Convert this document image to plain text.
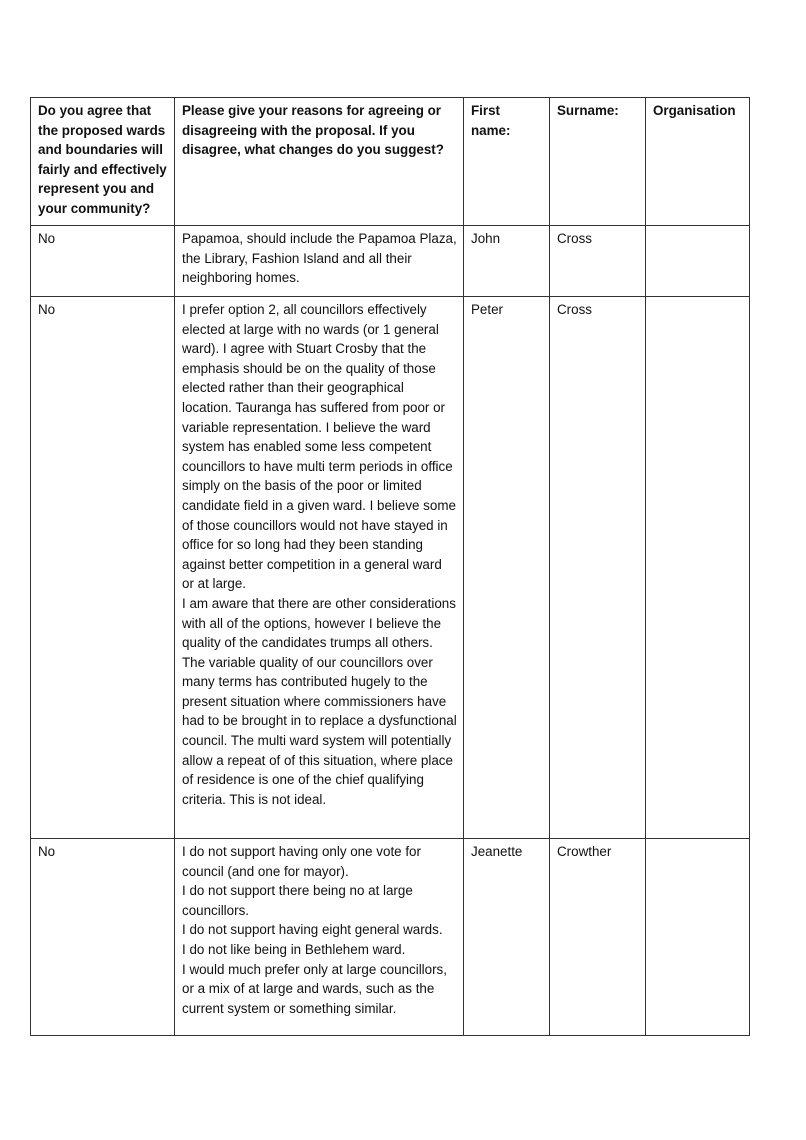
Do you agree that the proposed wards and boundaries will fairly and effectively represent you and your community?	Please give your reasons for agreeing or disagreeing with the proposal. If you disagree, what changes do you suggest?	First name:	Surname:	Organisation
No	Papamoa, should include the Papamoa Plaza, the Library, Fashion Island and all their neighboring homes.	John	Cross	
No	I prefer option 2, all councillors effectively elected at large with no wards (or 1 general ward). I agree with Stuart Crosby that the emphasis should be on the quality of those elected rather than their geographical location. Tauranga has suffered from poor or variable representation. I believe the ward system has enabled some less competent councillors to have multi term periods in office simply on the basis of the poor or limited candidate field in a given ward. I believe some of those councillors would not have stayed in office for so long had they been standing against better competition in a general ward or at large.
I am aware that there are other considerations with all of the options, however I believe the quality of the candidates trumps all others. The variable quality of our councillors over many terms has contributed hugely to the present situation where commissioners have had to be brought in to replace a dysfunctional council. The multi ward system will potentially allow a repeat of of this situation, where place of residence is one of the chief qualifying criteria. This is not ideal.	Peter	Cross	
No	I do not support having only one vote for council (and one for mayor).
I do not support there being no at large councillors.
I do not support having eight general wards.
I do not like being in Bethlehem ward.
I would much prefer only at large councillors, or a mix of at large and wards, such as the current system or something similar.	Jeanette	Crowther	
